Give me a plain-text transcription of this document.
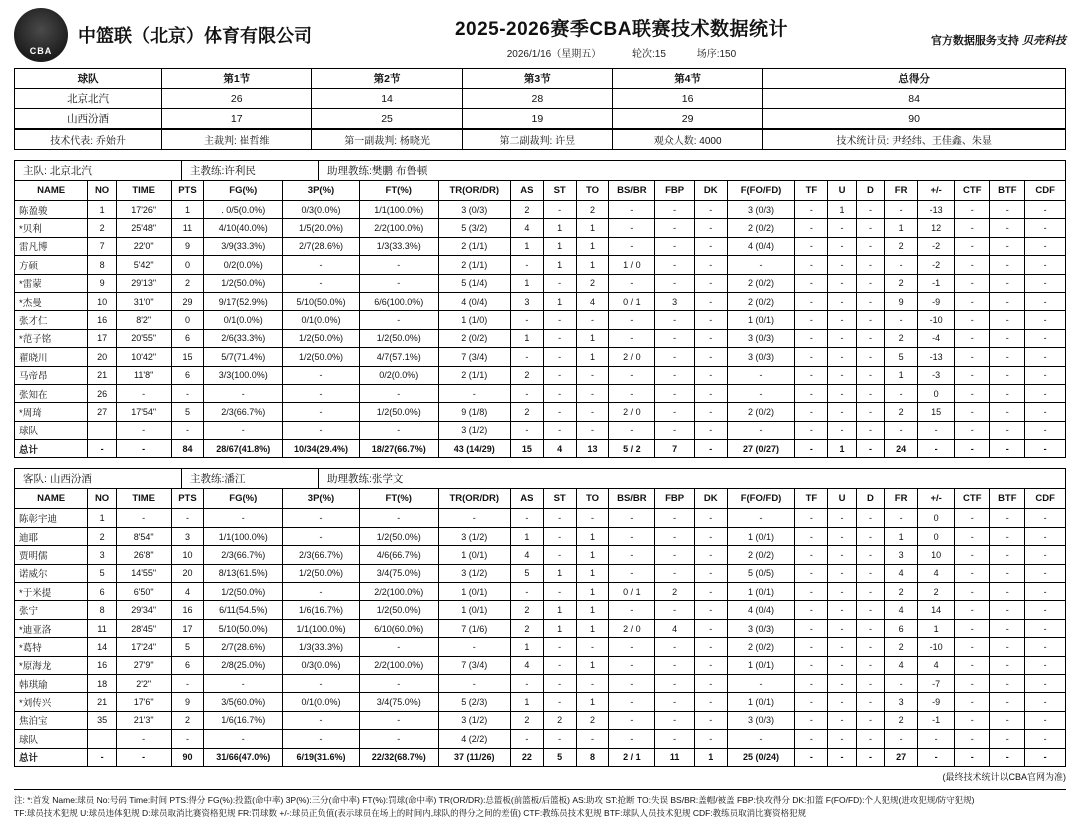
CBA
中篮联（北京）体育有限公司	2025-2026赛季CBA联赛技术数据统计
2026/1/16（星期五）	轮次:15	场序:150
官方数据服务支持 贝壳科技
球队	第1节	第2节	第3节	第4节	总得分
北京北汽	26	14	28	16	84
山西汾酒	17	25	19	29	90
技术代表: 乔始升	主裁判: 崔哲维	第一副裁判: 杨晓光	第二副裁判: 许昱	观众人数: 4000	技术统计员: 尹经纬、王佳鑫、朱显
主队: 北京北汽	主教练:许利民	助理教练:樊鹏 布鲁顿
NAME	NO	TIME	PTS	FG(%)	3P(%)	FT(%)	TR(OR/DR)	AS	ST	TO	BS/BR	FBP	DK	F(FO/FD)	TF	U	D	FR	+/-	CTF	BTF	CDF
陈盈骏	1	17'26"	1	. 0/5(0.0%)	0/3(0.0%)	1/1(100.0%)	3 (0/3)	2	-	2	-	-	-	3 (0/3)	-	1	-	-	-13	-	-	-
*贝利	2	25'48"	11	4/10(40.0%)	1/5(20.0%)	2/2(100.0%)	5 (3/2)	4	1	1	-	-	-	2 (0/2)	-	-	-	1	12	-	-	-
雷凡博	7	22'0"	9	3/9(33.3%)	2/7(28.6%)	1/3(33.3%)	2 (1/1)	1	1	1	-	-	-	4 (0/4)	-	-	-	2	-2	-	-	-
方硕	8	5'42"	0	0/2(0.0%)	-	-	2 (1/1)	-	1	1	1 / 0	-	-	-	-	-	-	-	-2	-	-	-
*雷蒙	9	29'13"	2	1/2(50.0%)	-	-	5 (1/4)	1	-	2	-	-	-	2 (0/2)	-	-	-	2	-1	-	-	-
*杰曼	10	31'0"	29	9/17(52.9%)	5/10(50.0%)	6/6(100.0%)	4 (0/4)	3	1	4	0 / 1	3	-	2 (0/2)	-	-	-	9	-9	-	-	-
张才仁	16	8'2"	0	0/1(0.0%)	0/1(0.0%)	-	1 (1/0)	-	-	-	-	-	-	1 (0/1)	-	-	-	-	-10	-	-	-
*范子铭	17	20'55"	6	2/6(33.3%)	1/2(50.0%)	1/2(50.0%)	2 (0/2)	1	-	1	-	-	-	3 (0/3)	-	-	-	2	-4	-	-	-
翟晓川	20	10'42"	15	5/7(71.4%)	1/2(50.0%)	4/7(57.1%)	7 (3/4)	-	-	1	2 / 0	-	-	3 (0/3)	-	-	-	5	-13	-	-	-
马帝昂	21	11'8"	6	3/3(100.0%)	-	0/2(0.0%)	2 (1/1)	2	-	-	-	-	-	-	-	-	-	1	-3	-	-	-
张知在	26	-	-	-	-	-	-	-	-	-	-	-	-	-	-	-	-	-	0	-	-	-
*周琦	27	17'54"	5	2/3(66.7%)	-	1/2(50.0%)	9 (1/8)	2	-	-	2 / 0	-	-	2 (0/2)	-	-	-	2	15	-	-	-
球队		-	-	-	-	-	3 (1/2)	-	-	-	-	-	-	-	-	-	-	-	-	-	-	-
总计	-	-	84	28/67(41.8%)	10/34(29.4%)	18/27(66.7%)	43 (14/29)	15	4	13	5 / 2	7	-	27 (0/27)	-	1	-	24	-	-	-	-
客队: 山西汾酒	主教练:潘江	助理教练:张学文
NAME	NO	TIME	PTS	FG(%)	3P(%)	FT(%)	TR(OR/DR)	AS	ST	TO	BS/BR	FBP	DK	F(FO/FD)	TF	U	D	FR	+/-	CTF	BTF	CDF
陈彰宇迪	1	-	-	-	-	-	-	-	-	-	-	-	-	-	-	-	-	-	0	-	-	-
迪耶	2	8'54"	3	1/1(100.0%)	-	1/2(50.0%)	3 (1/2)	1	-	1	-	-	-	1 (0/1)	-	-	-	1	0	-	-	-
贾明儒	3	26'8"	10	2/3(66.7%)	2/3(66.7%)	4/6(66.7%)	1 (0/1)	4	-	1	-	-	-	2 (0/2)	-	-	-	3	10	-	-	-
诺威尔	5	14'55"	20	8/13(61.5%)	1/2(50.0%)	3/4(75.0%)	3 (1/2)	5	1	1	-	-	-	5 (0/5)	-	-	-	4	4	-	-	-
*于米提	6	6'50"	4	1/2(50.0%)	-	2/2(100.0%)	1 (0/1)	-	-	1	0 / 1	2	-	1 (0/1)	-	-	-	2	2	-	-	-
张宁	8	29'34"	16	6/11(54.5%)	1/6(16.7%)	1/2(50.0%)	1 (0/1)	2	1	1	-	-	-	4 (0/4)	-	-	-	4	14	-	-	-
*迪亚洛	11	28'45"	17	5/10(50.0%)	1/1(100.0%)	6/10(60.0%)	7 (1/6)	2	1	1	2 / 0	4	-	3 (0/3)	-	-	-	6	1	-	-	-
*葛特	14	17'24"	5	2/7(28.6%)	1/3(33.3%)	-	-	1	-	-	-	-	-	2 (0/2)	-	-	-	2	-10	-	-	-
*原海龙	16	27'9"	6	2/8(25.0%)	0/3(0.0%)	2/2(100.0%)	7 (3/4)	4	-	1	-	-	-	1 (0/1)	-	-	-	4	4	-	-	-
韩琪瑜	18	2'2"	-	-	-	-	-	-	-	-	-	-	-	-	-	-	-	-	-7	-	-	-
*刘传兴	21	17'6"	9	3/5(60.0%)	0/1(0.0%)	3/4(75.0%)	5 (2/3)	1	-	1	-	-	-	1 (0/1)	-	-	-	3	-9	-	-	-
焦泊宝	35	21'3"	2	1/6(16.7%)	-	-	3 (1/2)	2	2	2	-	-	-	3 (0/3)	-	-	-	2	-1	-	-	-
球队		-	-	-	-	-	4 (2/2)	-	-	-	-	-	-	-	-	-	-	-	-	-	-	-
总计	-	-	90	31/66(47.0%)	6/19(31.6%)	22/32(68.7%)	37 (11/26)	22	5	8	2 / 1	11	1	25 (0/24)	-	-	-	27	-	-	-	-
(最终技术统计以CBA官网为准)
注: *:首发 Name:球员 No:号码 Time:时间 PTS:得分 FG(%):投篮(命中率) 3P(%):三分(命中率) FT(%):罚球(命中率) TR(OR/DR):总篮板(前篮板/后篮板) AS:助攻 ST:抢断 TO:失误 BS/BR:盖帽/被盖 FBP:快攻得分 DK:扣篮 F(FO/FD):个人犯规(进攻犯规/防守犯规)
TF:球员技术犯规 U:球员违体犯规 D:球员取消比赛资格犯规 FR:罚球数 +/-:球员正负值(表示球员在场上的时间内,球队的得分之间的差值) CTF:教练员技术犯规 BTF:球队人员技术犯规 CDF:教练员取消比赛资格犯规
